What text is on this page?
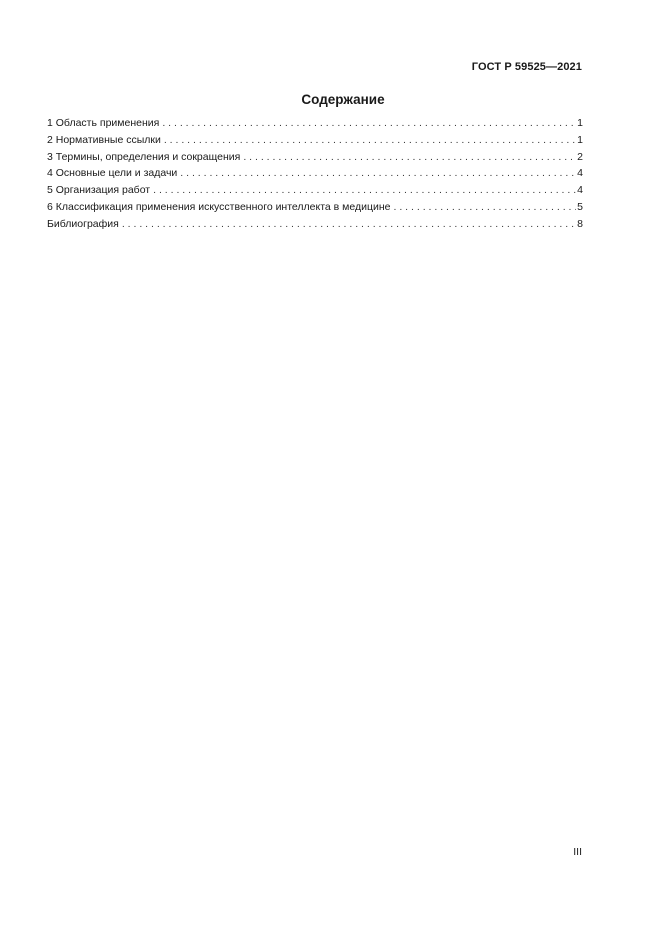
ГОСТ Р 59525—2021
Содержание
1 Область применения . . .	1
2 Нормативные ссылки . . .	1
3 Термины, определения и сокращения . . .	2
4 Основные цели и задачи . . .	4
5 Организация работ . . .	4
6 Классификация применения искусственного интеллекта в медицине . . .	5
Библиография . . .	8
III
